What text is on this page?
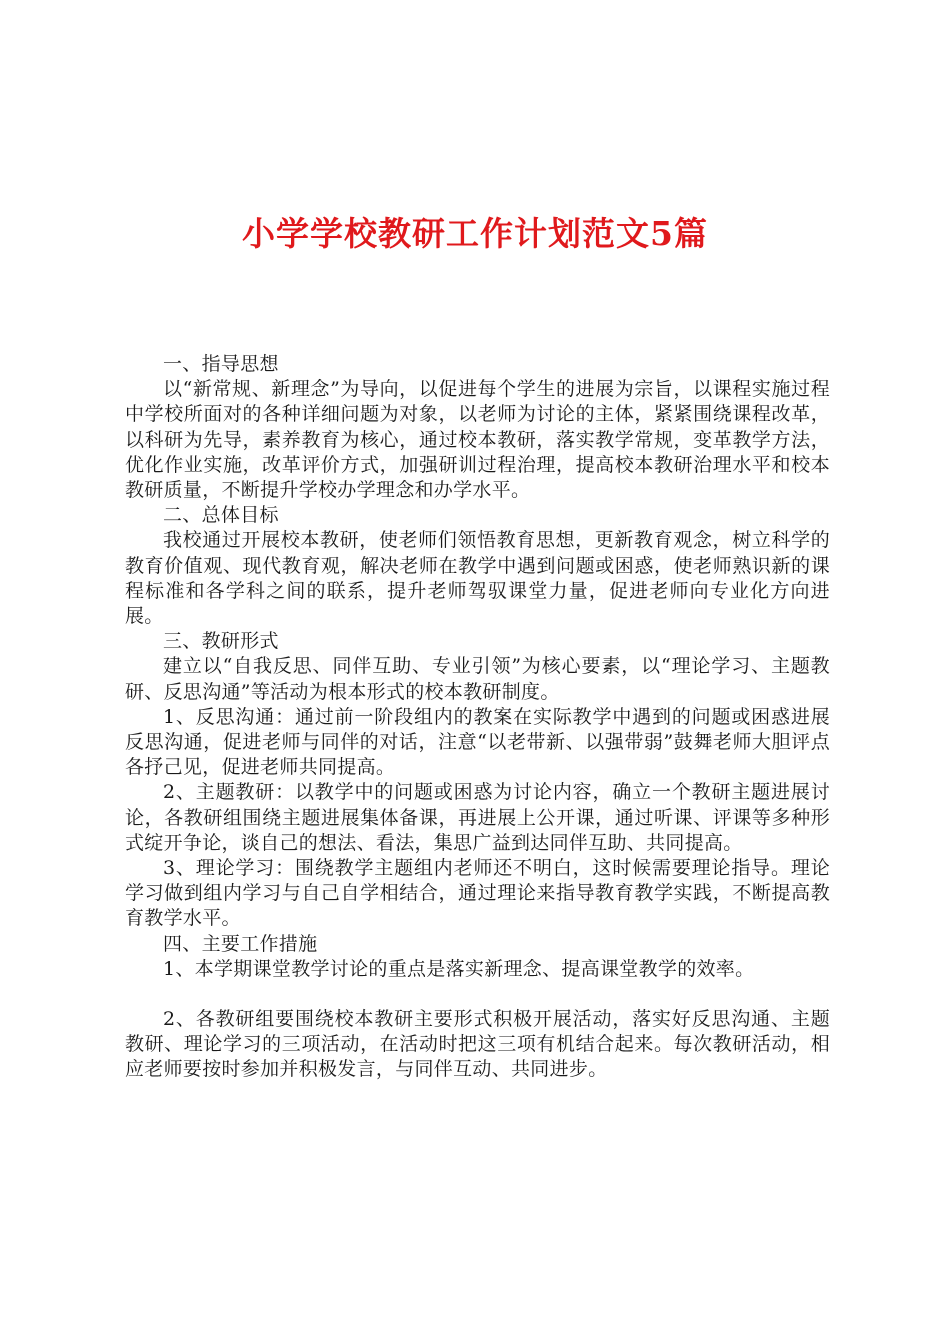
小学学校教研工作计划范文5篇

一、指导思想

以“新常规、新理念”为导向，以促进每个学生的进展为宗旨，以课程实施过程中学校所面对的各种详细问题为对象，以老师为讨论的主体，紧紧围绕课程改革，以科研为先导，素养教育为核心，通过校本教研，落实教学常规，变革教学方法，优化作业实施，改革评价方式，加强研训过程治理，提高校本教研治理水平和校本教研质量，不断提升学校办学理念和办学水平。

二、总体目标

我校通过开展校本教研，使老师们领悟教育思想，更新教育观念，树立科学的教育价值观、现代教育观，解决老师在教学中遇到问题或困惑，使老师熟识新的课程标准和各学科之间的联系，提升老师驾驭课堂力量，促进老师向专业化方向进展。

三、教研形式

建立以“自我反思、同伴互助、专业引领”为核心要素，以“理论学习、主题教研、反思沟通”等活动为根本形式的校本教研制度。

1、反思沟通：通过前一阶段组内的教案在实际教学中遇到的问题或困惑进展反思沟通，促进老师与同伴的对话，注意“以老带新、以强带弱”鼓舞老师大胆评点各抒己见，促进老师共同提高。

2、主题教研：以教学中的问题或困惑为讨论内容，确立一个教研主题进展讨论，各教研组围绕主题进展集体备课，再进展上公开课，通过听课、评课等多种形式绽开争论，谈自己的想法、看法，集思广益到达同伴互助、共同提高。

3、理论学习：围绕教学主题组内老师还不明白，这时候需要理论指导。理论学习做到组内学习与自己自学相结合，通过理论来指导教育教学实践，不断提高教育教学水平。

四、主要工作措施

1、本学期课堂教学讨论的重点是落实新理念、提高课堂教学的效率。

2、各教研组要围绕校本教研主要形式积极开展活动，落实好反思沟通、主题教研、理论学习的三项活动，在活动时把这三项有机结合起来。每次教研活动，相应老师要按时参加并积极发言，与同伴互动、共同进步。
